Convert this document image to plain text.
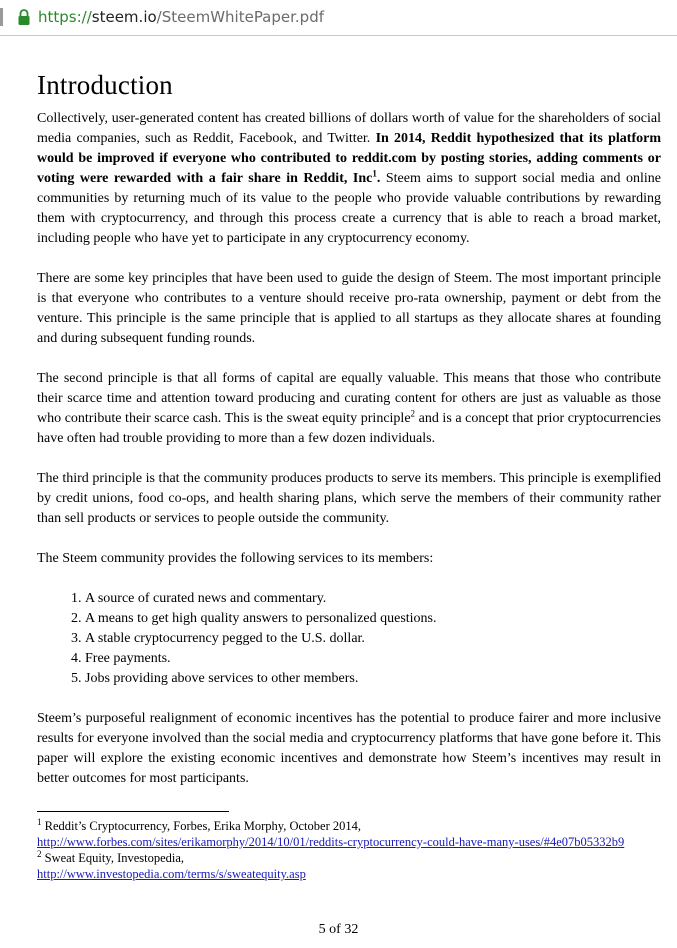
https://steem.io/SteemWhitePaper.pdf
Introduction

Collectively, user-generated content has created billions of dollars worth of value for the shareholders of social media companies, such as Reddit, Facebook, and Twitter. In 2014, Reddit hypothesized that its platform would be improved if everyone who contributed to reddit.com by posting stories, adding comments or voting were rewarded with a fair share in Reddit, Inc$^1$. Steem aims to support social media and online communities by returning much of its value to the people who provide valuable contributions by rewarding them with cryptocurrency, and through this process create a currency that is able to reach a broad market, including people who have yet to participate in any cryptocurrency economy.

There are some key principles that have been used to guide the design of Steem. The most important principle is that everyone who contributes to a venture should receive pro-rata ownership, payment or debt from the venture. This principle is the same principle that is applied to all startups as they allocate shares at founding and during subsequent funding rounds.

The second principle is that all forms of capital are equally valuable. This means that those who contribute their scarce time and attention toward producing and curating content for others are just as valuable as those who contribute their scarce cash. This is the sweat equity principle$^2$ and is a concept that prior cryptocurrencies have often had trouble providing to more than a few dozen individuals.

The third principle is that the community produces products to serve its members. This principle is exemplified by credit unions, food co-ops, and health sharing plans, which serve the members of their community rather than sell products or services to people outside the community.

The Steem community provides the following services to its members:

1. A source of curated news and commentary.
2. A means to get high quality answers to personalized questions.
3. A stable cryptocurrency pegged to the U.S. dollar.
4. Free payments.
5. Jobs providing above services to other members.

Steem’s purposeful realignment of economic incentives has the potential to produce fairer and more inclusive results for everyone involved than the social media and cryptocurrency platforms that have gone before it. This paper will explore the existing economic incentives and demonstrate how Steem’s incentives may result in better outcomes for most participants.

$^1$ Reddit’s Cryptocurrency, Forbes, Erika Morphy, October 2014,

http://www.forbes.com/sites/erikamorphy/2014/10/01/reddits-cryptocurrency-could-have-many-uses/#4e07b05332b9

$^2$ Sweat Equity, Investopedia,

http://www.investopedia.com/terms/s/sweatequity.asp

5 of 32
